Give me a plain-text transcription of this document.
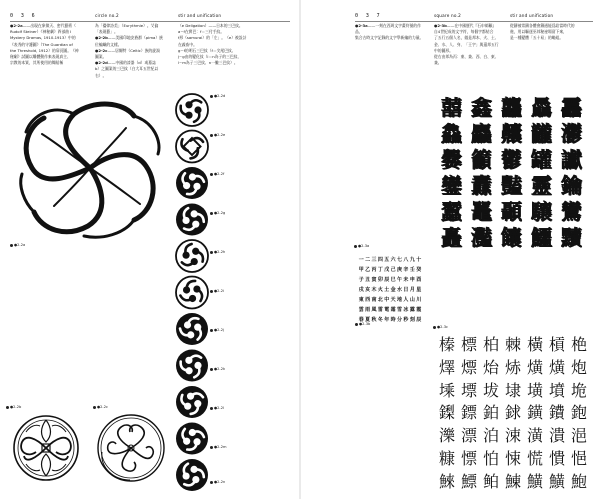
0 3 6	circle no.2	stir and unification

●2-2a——出現在象徵天、密代藝術（

Rudolf Steiner）《神秘劇》四部曲 I

Mystery Dramas, 1910-1913）中的

《表秀的守護圖》（The Guardian of

the Threshold, 1912）的扉頁圖。《神

秘劇》試圖以雕體動作來表現真主、

宗教的本質，其所使用的舞蹈稱

為「優律詩美」（Eurythmie）。艾倫

「表現藝」。

●2-2b——美國印地安族群（pima）族

位編織的文樣。

●2-2c——居爾特（Celtic）族的旋渦

圖案。

●2-2d——中國的漆器（d）或墓誌

b）之圖案的三巴紋（白大耳五世紀以

右）。

（e Deligation）——日本的三巴紋。

a~f在實巴：f＝三付手紋。

f形（samurai）的「左」。（e）被設計

在義畜中。

g~f的明石三巴紋（f＝尖尾巴紋、

j~g由的變化紋（l＝n為子的三巴紋、

l~m為子三巴紋、n一撇三巴紋）。

●2-2a
●2-2b	●2-2c
●2-2d
●2-2e
●2-2f
●2-2g
●2-2h
●2-2i
●2-2j
●2-2k
●2-2l
●2-2m
●2-2n
0 3 7	square no.2	stir and unification

●2-3a——一刻在西周文字畫符號的作

品，

集合古時文字記錄的文字學新編的力量。

●2-3b——在中國歷代『石申師顧』

自4世紀成的文字符，每個字都結合

了五行五個人名，做是邦木、火、土、

金、水、人、身、「王字」與還邦五行

中的圖形。

從右由邦為丙：東、兼、西、白、東、

兼。

從鑄被常鑄各體會鑄通能爲給當時代的

進，用以驅逐巫邦秘祕場留下來，

是一種變體「五十易」的略組。

囍 鑫 龘 驫 靐
鱻 麤 齉 龖 灪
爨 籲 鬱 罐 讞
鑾 纛 豔 靈 鑰
蠶 鼉 顳 驤 鸞
矗 灩 饢 鱷 黷
●2-3a
一 二 三 四 五 六 七 八 九 十
甲 乙 丙 丁 戊 己 庚 辛 壬 癸
子 丑 寅 卯 辰 巳 午 未 申 酉
戌 亥 木 火 土 金 水 日 月 星
東 西 南 北 中 天 地 人 山 川
雲 雨 風 雷 電 霜 雪 冰 露 霞
春 夏 秋 冬 年 時 分 秒 刻 辰
●2-3b
●2-3c
榛 標 柏 棘 橫 槓 栬
燡 熛 炲 焃 熿 熿 炮
塖 墂 坺 埭 墴 墳 垝
鏫 鏢 鉑 銶 鐄 鐨 鉋
濼 漂 泊 涑 潢 潰 浥
糠 慓 怕 悚 慌 憒 悒
鯠 鰾 鲌 鯟 鱑 鱑 鮑
